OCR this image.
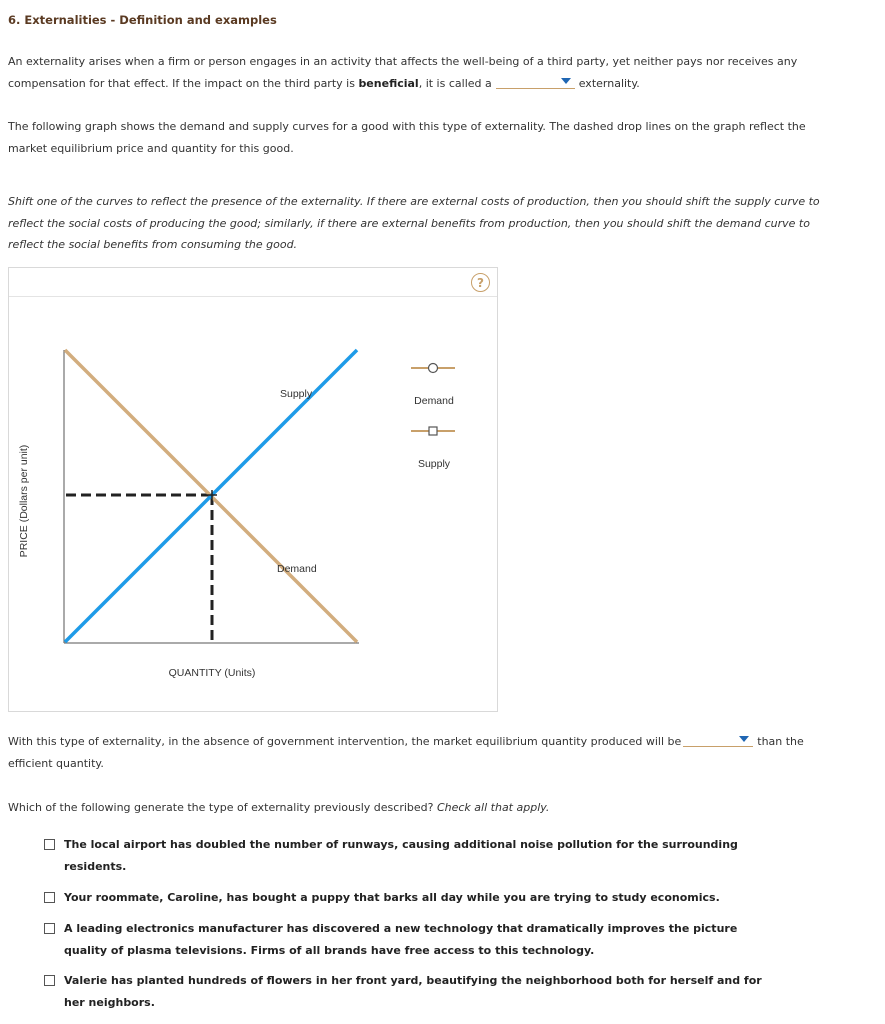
6. Externalities - Definition and examples
An externality arises when a firm or person engages in an activity that affects the well-being of a third party, yet neither pays nor receives any
compensation for that effect. If the impact on the third party is beneficial, it is called a	externality.
The following graph shows the demand and supply curves for a good with this type of externality. The dashed drop lines on the graph reflect the
market equilibrium price and quantity for this good.
Shift one of the curves to reflect the presence of the externality. If there are external costs of production, then you should shift the supply curve to
reflect the social costs of producing the good; similarly, if there are external benefits from production, then you should shift the demand curve to
reflect the social benefits from consuming the good.
?
PRICE (Dollars per unit)
Supply
Demand
QUANTITY (Units)
Demand
Supply
With this type of externality, in the absence of government intervention, the market equilibrium quantity produced will be	than the
efficient quantity.
Which of the following generate the type of externality previously described? Check all that apply.
The local airport has doubled the number of runways, causing additional noise pollution for the surrounding
residents.
Your roommate, Caroline, has bought a puppy that barks all day while you are trying to study economics.
A leading electronics manufacturer has discovered a new technology that dramatically improves the picture
quality of plasma televisions. Firms of all brands have free access to this technology.
Valerie has planted hundreds of flowers in her front yard, beautifying the neighborhood both for herself and for
her neighbors.
